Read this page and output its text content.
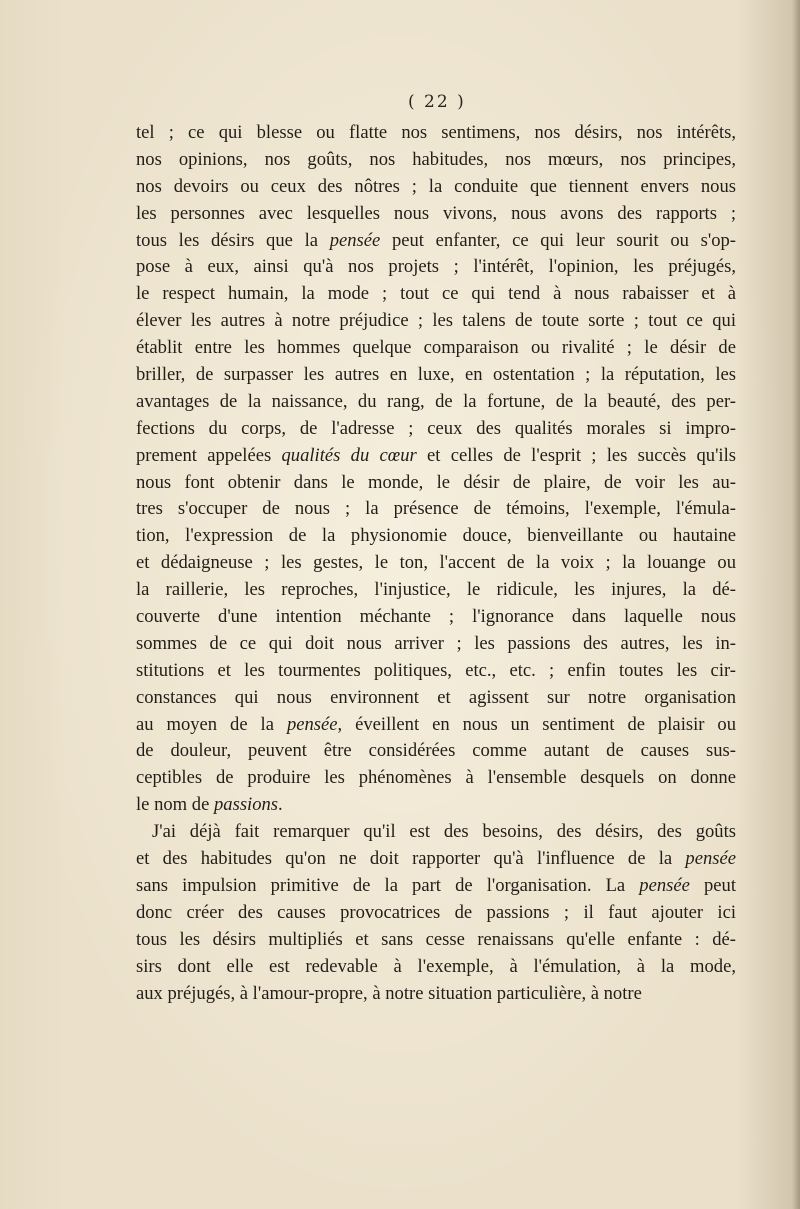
( 22 )
tel ; ce qui blesse ou flatte nos sentimens, nos désirs, nos intérêts,
nos opinions, nos goûts, nos habitudes, nos mœurs, nos principes,
nos devoirs ou ceux des nôtres ; la conduite que tiennent envers nous
les personnes avec lesquelles nous vivons, nous avons des rapports ;
tous les désirs que la pensée peut enfanter, ce qui leur sourit ou s'op-
pose à eux, ainsi qu'à nos projets ; l'intérêt, l'opinion, les préjugés,
le respect humain, la mode ; tout ce qui tend à nous rabaisser et à
élever les autres à notre préjudice ; les talens de toute sorte ; tout ce qui
établit entre les hommes quelque comparaison ou rivalité ; le désir de
briller, de surpasser les autres en luxe, en ostentation ; la réputation, les
avantages de la naissance, du rang, de la fortune, de la beauté, des per-
fections du corps, de l'adresse ; ceux des qualités morales si impro-
prement appelées qualités du cœur et celles de l'esprit ; les succès qu'ils
nous font obtenir dans le monde, le désir de plaire, de voir les au-
tres s'occuper de nous ; la présence de témoins, l'exemple, l'émula-
tion, l'expression de la physionomie douce, bienveillante ou hautaine
et dédaigneuse ; les gestes, le ton, l'accent de la voix ; la louange ou
la raillerie, les reproches, l'injustice, le ridicule, les injures, la dé-
couverte d'une intention méchante ; l'ignorance dans laquelle nous
sommes de ce qui doit nous arriver ; les passions des autres, les in-
stitutions et les tourmentes politiques, etc., etc. ; enfin toutes les cir-
constances qui nous environnent et agissent sur notre organisation
au moyen de la pensée, éveillent en nous un sentiment de plaisir ou
de douleur, peuvent être considérées comme autant de causes sus-
ceptibles de produire les phénomènes à l'ensemble desquels on donne
le nom de passions.
J'ai déjà fait remarquer qu'il est des besoins, des désirs, des goûts
et des habitudes qu'on ne doit rapporter qu'à l'influence de la pensée
sans impulsion primitive de la part de l'organisation. La pensée peut
donc créer des causes provocatrices de passions ; il faut ajouter ici
tous les désirs multipliés et sans cesse renaissans qu'elle enfante : dé-
sirs dont elle est redevable à l'exemple, à l'émulation, à la mode,
aux préjugés, à l'amour-propre, à notre situation particulière, à notre
